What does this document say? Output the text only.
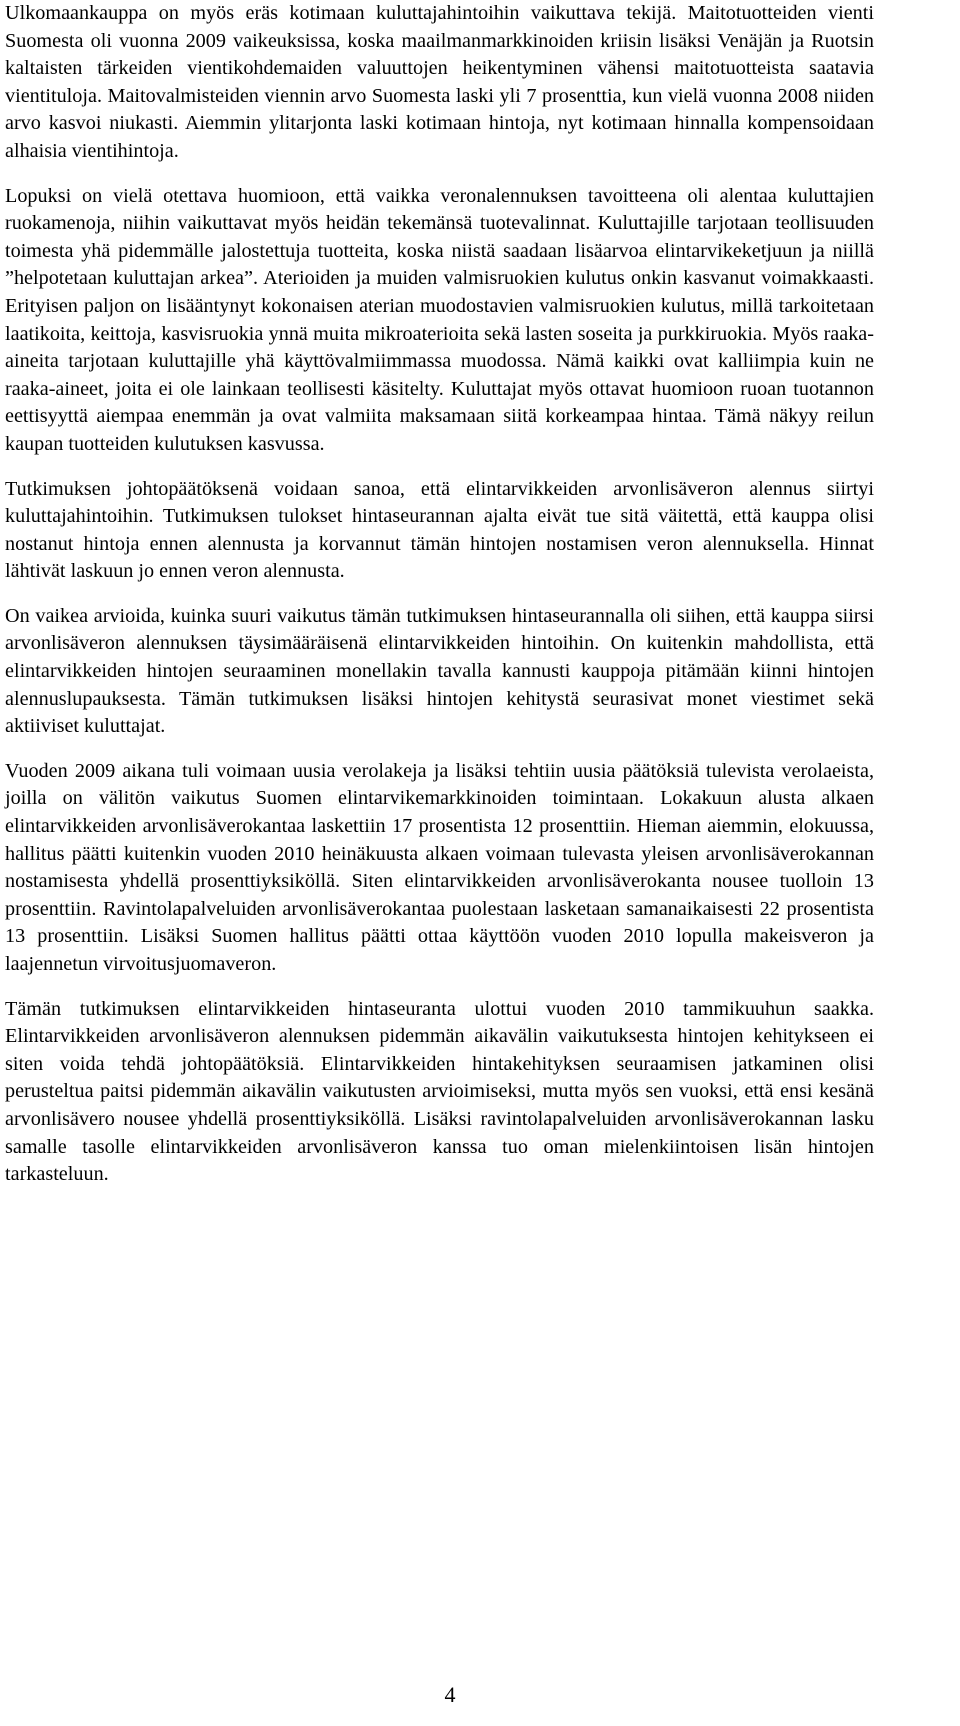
Ulkomaankauppa on myös eräs kotimaan kuluttajahintoihin vaikuttava tekijä. Maitotuotteiden vienti Suomesta oli vuonna 2009 vaikeuksissa, koska maailmanmarkkinoiden kriisin lisäksi Venäjän ja Ruotsin kaltaisten tärkeiden vientikohdemaiden valuuttojen heikentyminen vähensi maitotuotteista saatavia vientituloja. Maitovalmisteiden viennin arvo Suomesta laski yli 7 prosenttia, kun vielä vuonna 2008 niiden arvo kasvoi niukasti. Aiemmin ylitarjonta laski kotimaan hintoja, nyt kotimaan hinnalla kompensoidaan alhaisia vientihintoja.

Lopuksi on vielä otettava huomioon, että vaikka veronalennuksen tavoitteena oli alentaa kuluttajien ruokamenoja, niihin vaikuttavat myös heidän tekemänsä tuotevalinnat. Kuluttajille tarjotaan teollisuuden toimesta yhä pidemmälle jalostettuja tuotteita, koska niistä saadaan lisäarvoa elintarvikeketjuun ja niillä ”helpotetaan kuluttajan arkea”. Aterioiden ja muiden valmisruokien kulutus onkin kasvanut voimakkaasti. Erityisen paljon on lisääntynyt kokonaisen aterian muodostavien valmisruokien kulutus, millä tarkoitetaan laatikoita, keittoja, kasvisruokia ynnä muita mikroaterioita sekä lasten soseita ja purkkiruokia. Myös raaka-aineita tarjotaan kuluttajille yhä käyttövalmiimmassa muodossa. Nämä kaikki ovat kalliimpia kuin ne raaka-aineet, joita ei ole lainkaan teollisesti käsitelty. Kuluttajat myös ottavat huomioon ruoan tuotannon eettisyyttä aiempaa enemmän ja ovat valmiita maksamaan siitä korkeampaa hintaa. Tämä näkyy reilun kaupan tuotteiden kulutuksen kasvussa.

Tutkimuksen johtopäätöksenä voidaan sanoa, että elintarvikkeiden arvonlisäveron alennus siirtyi kuluttajahintoihin. Tutkimuksen tulokset hintaseurannan ajalta eivät tue sitä väitettä, että kauppa olisi nostanut hintoja ennen alennusta ja korvannut tämän hintojen nostamisen veron alennuksella. Hinnat lähtivät laskuun jo ennen veron alennusta.

On vaikea arvioida, kuinka suuri vaikutus tämän tutkimuksen hintaseurannalla oli siihen, että kauppa siirsi arvonlisäveron alennuksen täysimääräisenä elintarvikkeiden hintoihin. On kuitenkin mahdollista, että elintarvikkeiden hintojen seuraaminen monellakin tavalla kannusti kauppoja pitämään kiinni hintojen alennuslupauksesta. Tämän tutkimuksen lisäksi hintojen kehitystä seurasivat monet viestimet sekä aktiiviset kuluttajat.

Vuoden 2009 aikana tuli voimaan uusia verolakeja ja lisäksi tehtiin uusia päätöksiä tulevista verolaeista, joilla on välitön vaikutus Suomen elintarvikemarkkinoiden toimintaan. Lokakuun alusta alkaen elintarvikkeiden arvonlisäverokantaa laskettiin 17 prosentista 12 prosenttiin. Hieman aiemmin, elokuussa, hallitus päätti kuitenkin vuoden 2010 heinäkuusta alkaen voimaan tulevasta yleisen arvonlisäverokannan nostamisesta yhdellä prosenttiyksiköllä. Siten elintarvikkeiden arvonlisäverokanta nousee tuolloin 13 prosenttiin. Ravintolapalveluiden arvonlisäverokantaa puolestaan lasketaan samanaikaisesti 22 prosentista 13 prosenttiin. Lisäksi Suomen hallitus päätti ottaa käyttöön vuoden 2010 lopulla makeisveron ja laajennetun virvoitusjuomaveron.

Tämän tutkimuksen elintarvikkeiden hintaseuranta ulottui vuoden 2010 tammikuuhun saakka. Elintarvikkeiden arvonlisäveron alennuksen pidemmän aikavälin vaikutuksesta hintojen kehitykseen ei siten voida tehdä johtopäätöksiä. Elintarvikkeiden hintakehityksen seuraamisen jatkaminen olisi perusteltua paitsi pidemmän aikavälin vaikutusten arvioimiseksi, mutta myös sen vuoksi, että ensi kesänä arvonlisävero nousee yhdellä prosenttiyksiköllä. Lisäksi ravintolapalveluiden arvonlisäverokannan lasku samalle tasolle elintarvikkeiden arvonlisäveron kanssa tuo oman mielenkiintoisen lisän hintojen tarkasteluun.

4
